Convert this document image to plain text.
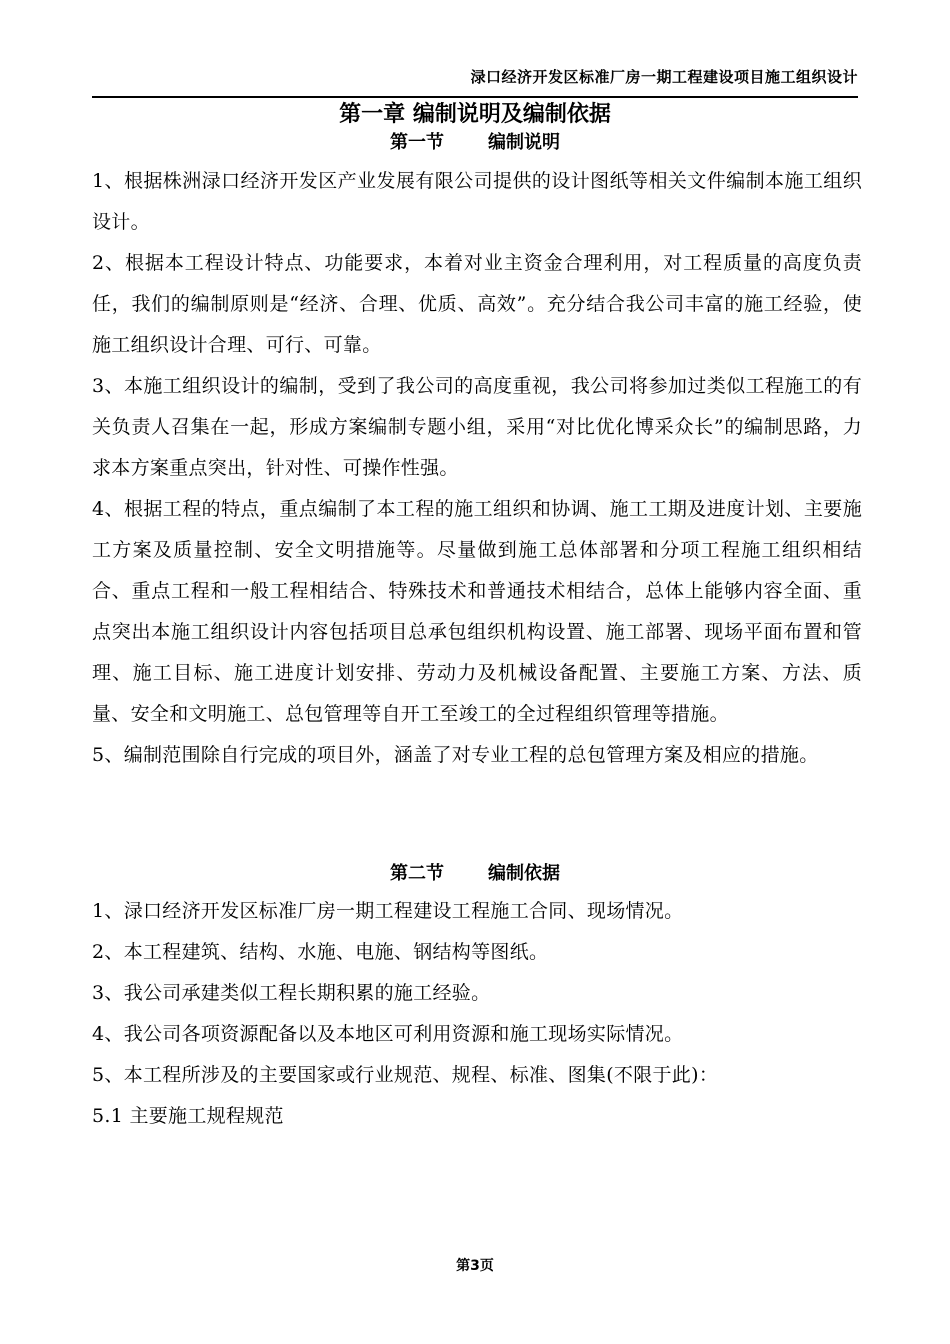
渌口经济开发区标准厂房一期工程建设项目施工组织设计
第一章 编制说明及编制依据
第一节 编制说明

1、根据株洲渌口经济开发区产业发展有限公司提供的设计图纸等相关文件编制本施工组织设计。

2、根据本工程设计特点、功能要求，本着对业主资金合理利用，对工程质量的高度负责任，我们的编制原则是“经济、合理、优质、高效”。充分结合我公司丰富的施工经验，使施工组织设计合理、可行、可靠。

3、本施工组织设计的编制，受到了我公司的高度重视，我公司将参加过类似工程施工的有关负责人召集在一起，形成方案编制专题小组，采用“对比优化博采众长”的编制思路，力求本方案重点突出，针对性、可操作性强。

4、根据工程的特点，重点编制了本工程的施工组织和协调、施工工期及进度计划、主要施工方案及质量控制、安全文明措施等。尽量做到施工总体部署和分项工程施工组织相结合、重点工程和一般工程相结合、特殊技术和普通技术相结合，总体上能够内容全面、重点突出本施工组织设计内容包括项目总承包组织机构设置、施工部署、现场平面布置和管理、施工目标、施工进度计划安排、劳动力及机械设备配置、主要施工方案、方法、质量、安全和文明施工、总包管理等自开工至竣工的全过程组织管理等措施。

5、编制范围除自行完成的项目外，涵盖了对专业工程的总包管理方案及相应的措施。

第二节 编制依据

1、渌口经济开发区标准厂房一期工程建设工程施工合同、现场情况。

2、本工程建筑、结构、水施、电施、钢结构等图纸。

3、我公司承建类似工程长期积累的施工经验。

4、我公司各项资源配备以及本地区可利用资源和施工现场实际情况。

5、本工程所涉及的主要国家或行业规范、规程、标准、图集(不限于此)：

5.1 主要施工规程规范

第3页
